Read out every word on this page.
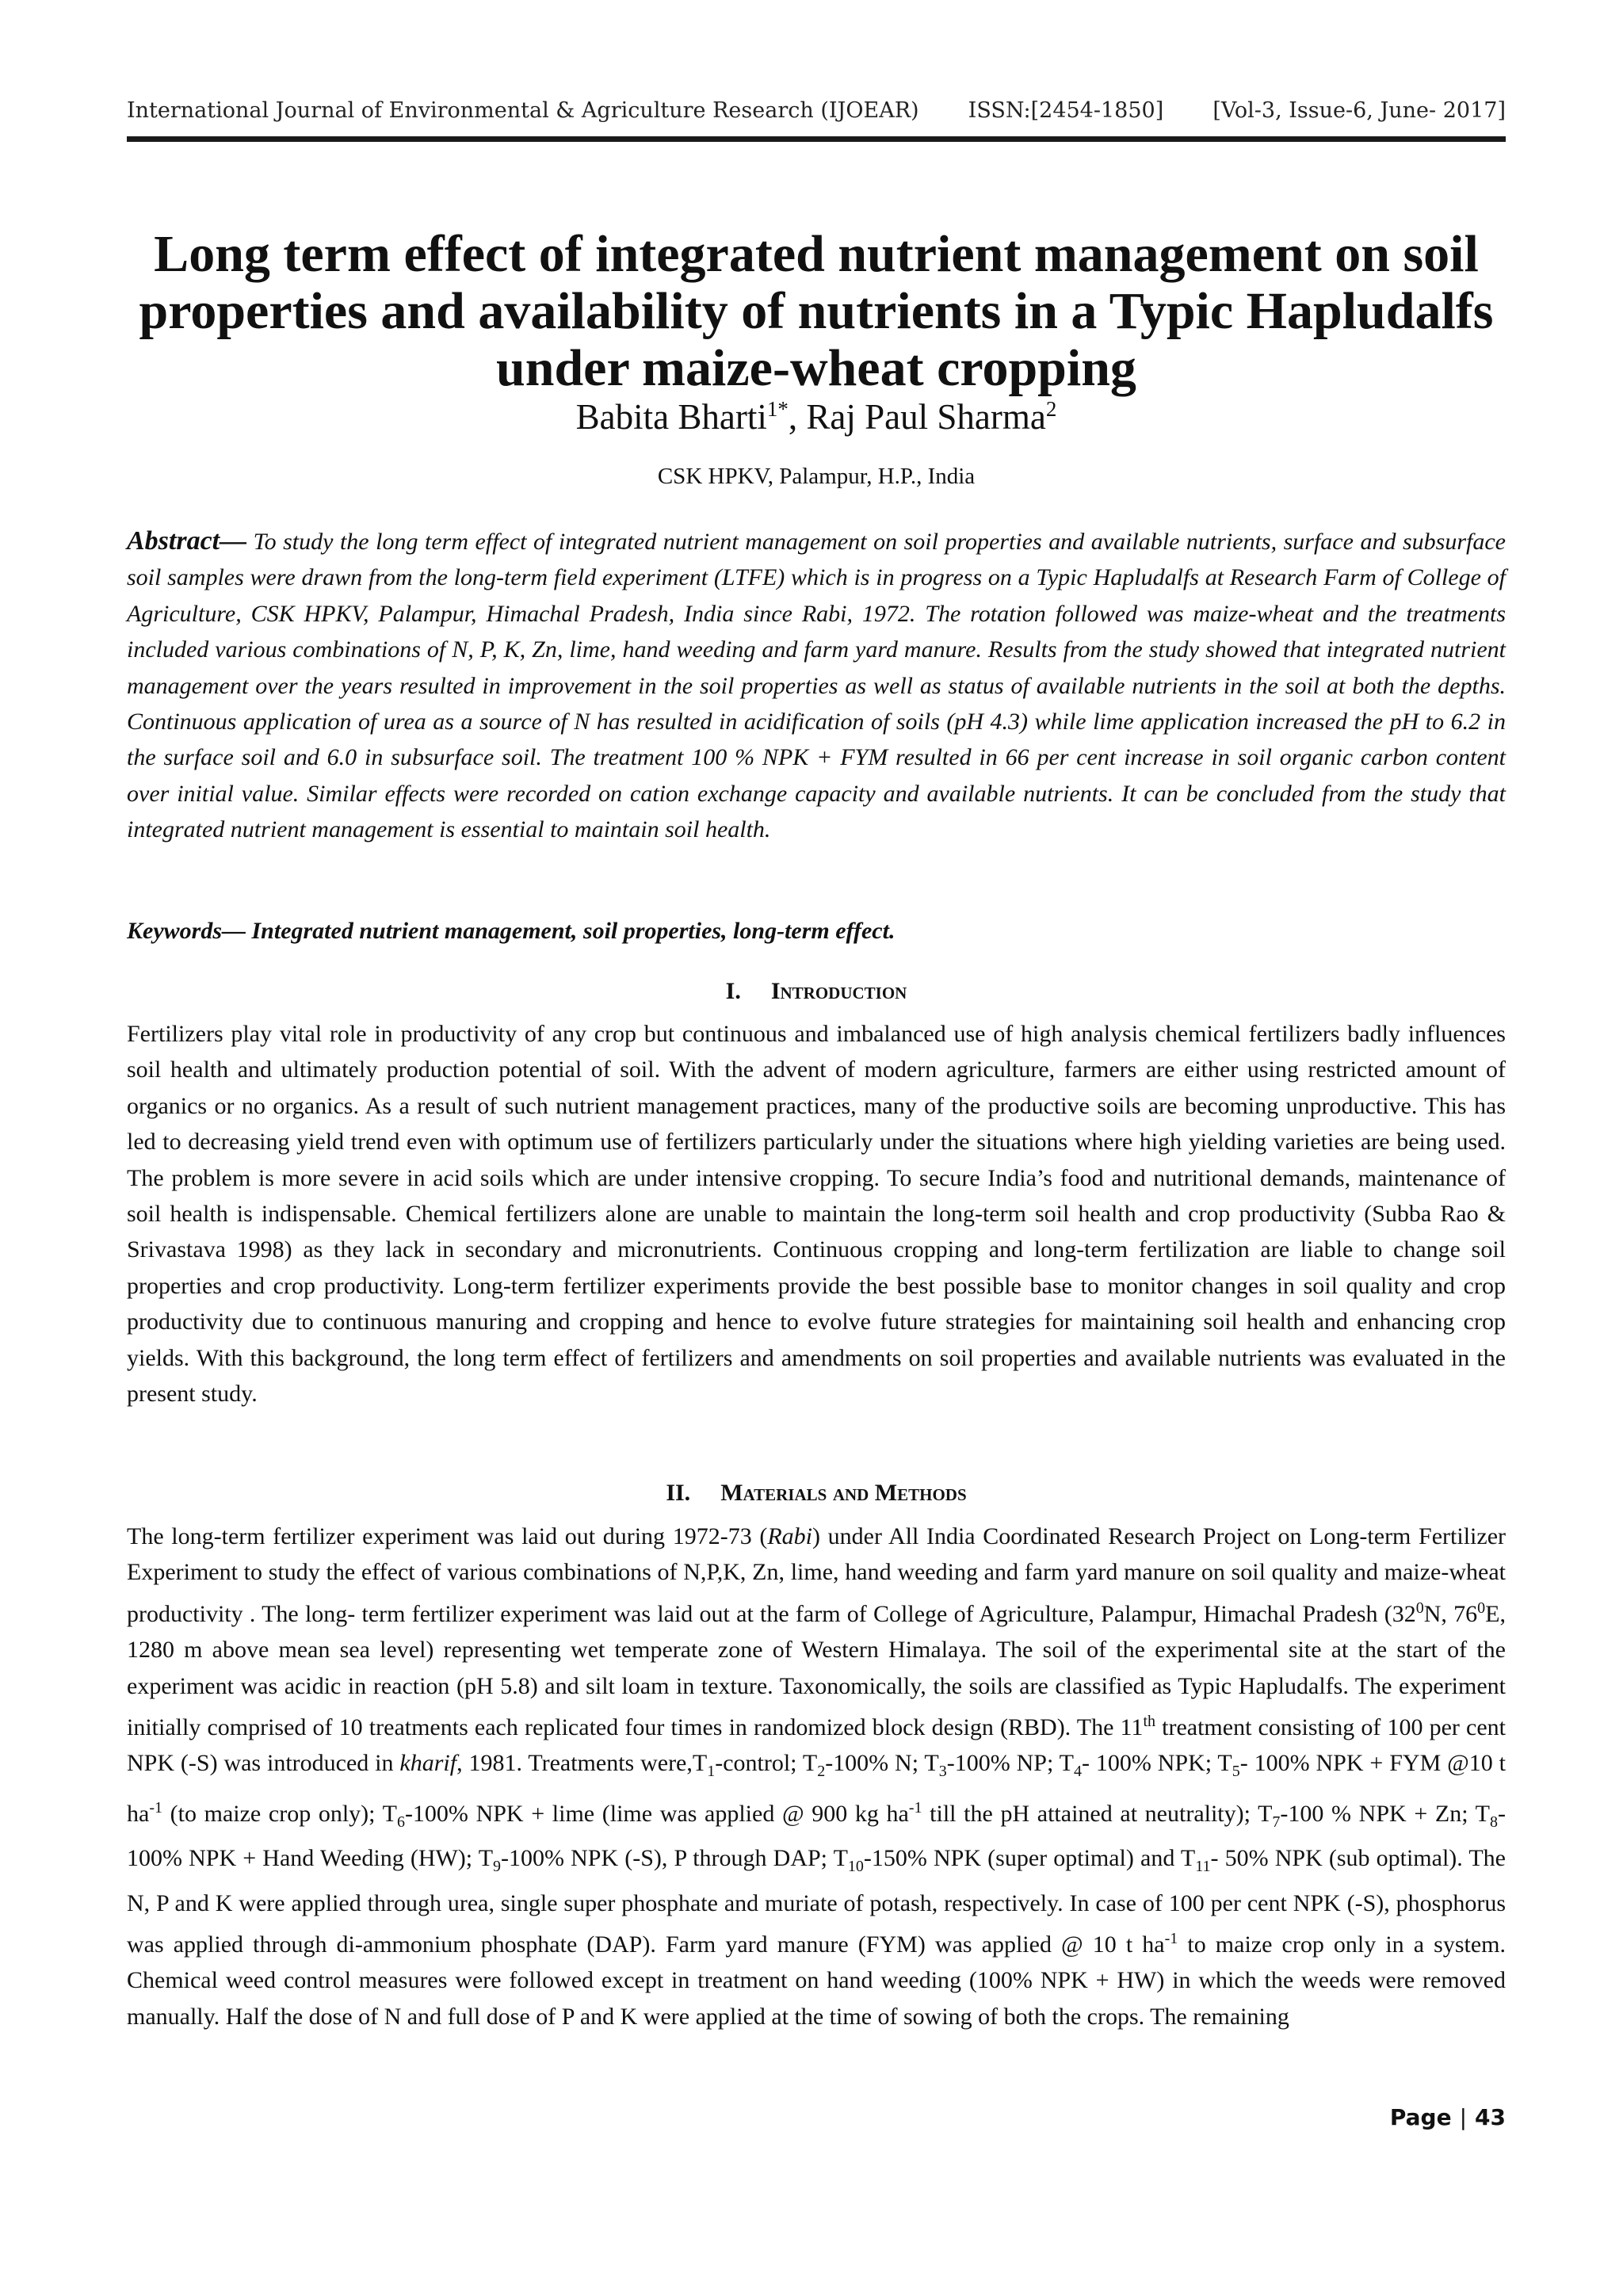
International Journal of Environmental & Agriculture Research (IJOEAR) ISSN:[2454-1850] [Vol-3, Issue-6, June- 2017]
Long term effect of integrated nutrient management on soil properties and availability of nutrients in a Typic Hapludalfs under maize-wheat cropping
Babita Bharti$^{1*}$, Raj Paul Sharma$^2$
CSK HPKV, Palampur, H.P., India

Abstract— To study the long term effect of integrated nutrient management on soil properties and available nutrients, surface and subsurface soil samples were drawn from the long-term field experiment (LTFE) which is in progress on a Typic Hapludalfs at Research Farm of College of Agriculture, CSK HPKV, Palampur, Himachal Pradesh, India since Rabi, 1972. The rotation followed was maize-wheat and the treatments included various combinations of N, P, K, Zn, lime, hand weeding and farm yard manure. Results from the study showed that integrated nutrient management over the years resulted in improvement in the soil properties as well as status of available nutrients in the soil at both the depths. Continuous application of urea as a source of N has resulted in acidification of soils (pH 4.3) while lime application increased the pH to 6.2 in the surface soil and 6.0 in subsurface soil. The treatment 100 % NPK + FYM resulted in 66 per cent increase in soil organic carbon content over initial value. Similar effects were recorded on cation exchange capacity and available nutrients. It can be concluded from the study that integrated nutrient management is essential to maintain soil health.

Keywords— Integrated nutrient management, soil properties, long-term effect.
I. Introduction

Fertilizers play vital role in productivity of any crop but continuous and imbalanced use of high analysis chemical fertilizers badly influences soil health and ultimately production potential of soil. With the advent of modern agriculture, farmers are either using restricted amount of organics or no organics. As a result of such nutrient management practices, many of the productive soils are becoming unproductive. This has led to decreasing yield trend even with optimum use of fertilizers particularly under the situations where high yielding varieties are being used. The problem is more severe in acid soils which are under intensive cropping. To secure India’s food and nutritional demands, maintenance of soil health is indispensable. Chemical fertilizers alone are unable to maintain the long-term soil health and crop productivity (Subba Rao & Srivastava 1998) as they lack in secondary and micronutrients. Continuous cropping and long-term fertilization are liable to change soil properties and crop productivity. Long-term fertilizer experiments provide the best possible base to monitor changes in soil quality and crop productivity due to continuous manuring and cropping and hence to evolve future strategies for maintaining soil health and enhancing crop yields. With this background, the long term effect of fertilizers and amendments on soil properties and available nutrients was evaluated in the present study.

II. Materials and Methods

The long-term fertilizer experiment was laid out during 1972-73 (Rabi) under All India Coordinated Research Project on Long-term Fertilizer Experiment to study the effect of various combinations of N,P,K, Zn, lime, hand weeding and farm yard manure on soil quality and maize-wheat productivity . The long- term fertilizer experiment was laid out at the farm of College of Agriculture, Palampur, Himachal Pradesh ($32^0N$, $76^0E$, 1280 m above mean sea level) representing wet temperate zone of Western Himalaya. The soil of the experimental site at the start of the experiment was acidic in reaction (pH 5.8) and silt loam in texture. Taxonomically, the soils are classified as Typic Hapludalfs. The experiment initially comprised of 10 treatments each replicated four times in randomized block design (RBD). The 11th treatment consisting of 100 per cent NPK (-S) was introduced in kharif, 1981. Treatments $were,T_1$-control; $T_2-100\%$ N; $T_3-100\%$ NP; $T_4-$ 100% NPK; $T_5-$ 100% NPK + FYM @10 t $ha^{-1}$ (to maize crop only); $T_6-100\%$ NPK + lime (lime was applied @ 900 kg $ha^{-1}$ till the pH attained at neutrality); $T_7-100$ % NPK + Zn; $T_8-100\%$ NPK + Hand Weeding (HW); $T_9-100\%$ NPK (-S), P through DAP; $T_{10}-150\%$ NPK (super optimal) and $T_{11}-$ 50% NPK (sub optimal). The N, P and K were applied through urea, single super phosphate and muriate of potash, respectively. In case of 100 per cent NPK (-S), phosphorus was applied through di-ammonium phosphate (DAP). Farm yard manure (FYM) was applied @ 10 t $ha^{-1}$ to maize crop only in a system. Chemical weed control measures were followed except in treatment on hand weeding (100% NPK + HW) in which the weeds were removed manually. Half the dose of N and full dose of P and K were applied at the time of sowing of both the crops. The remaining

Page | 43
